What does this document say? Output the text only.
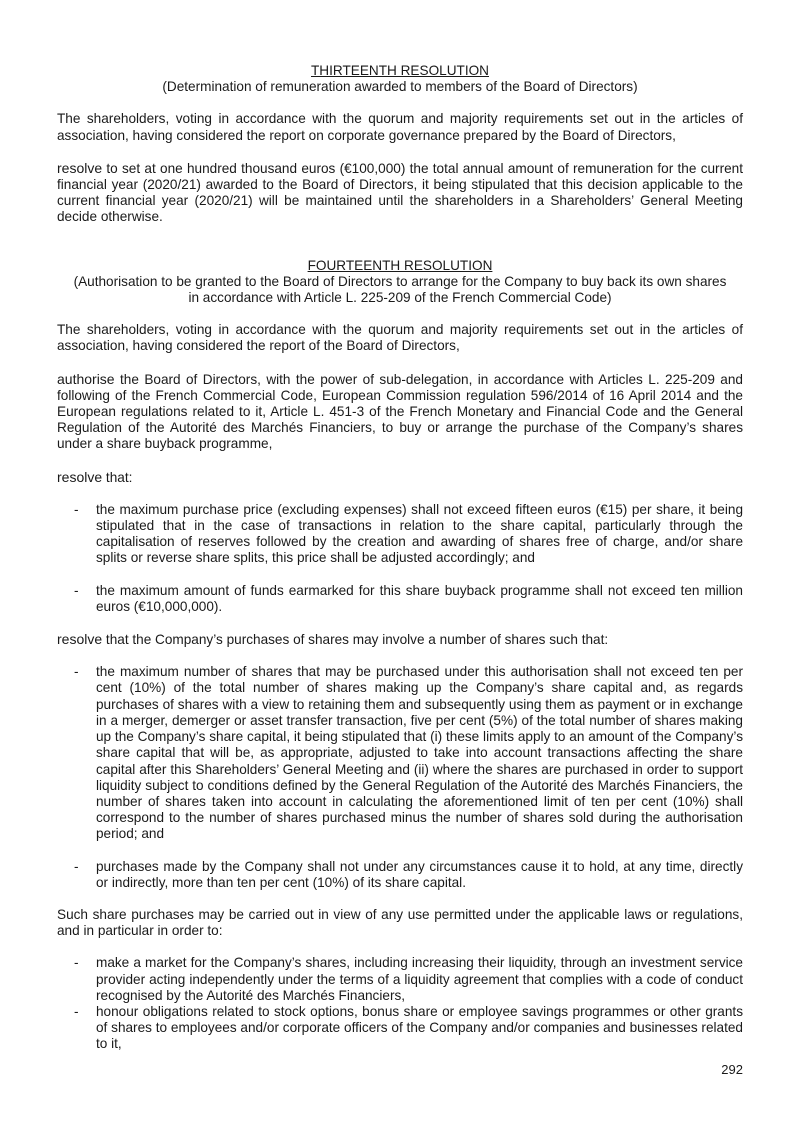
THIRTEENTH RESOLUTION

(Determination of remuneration awarded to members of the Board of Directors)

The shareholders, voting in accordance with the quorum and majority requirements set out in the articles of association, having considered the report on corporate governance prepared by the Board of Directors,

resolve to set at one hundred thousand euros (€100,000) the total annual amount of remuneration for the current financial year (2020/21) awarded to the Board of Directors, it being stipulated that this decision applicable to the current financial year (2020/21) will be maintained until the shareholders in a Shareholders’ General Meeting decide otherwise.

FOURTEENTH RESOLUTION

(Authorisation to be granted to the Board of Directors to arrange for the Company to buy back its own shares

in accordance with Article L. 225-209 of the French Commercial Code)

The shareholders, voting in accordance with the quorum and majority requirements set out in the articles of association, having considered the report of the Board of Directors,

authorise the Board of Directors, with the power of sub-delegation, in accordance with Articles L. 225-209 and following of the French Commercial Code, European Commission regulation 596/2014 of 16 April 2014 and the European regulations related to it, Article L. 451-3 of the French Monetary and Financial Code and the General Regulation of the Autorité des Marchés Financiers, to buy or arrange the purchase of the Company’s shares under a share buyback programme,

resolve that:

- the maximum purchase price (excluding expenses) shall not exceed fifteen euros (€15) per share, it being stipulated that in the case of transactions in relation to the share capital, particularly through the capitalisation of reserves followed by the creation and awarding of shares free of charge, and/or share splits or reverse share splits, this price shall be adjusted accordingly; and
- the maximum amount of funds earmarked for this share buyback programme shall not exceed ten million euros (€10,000,000).

resolve that the Company’s purchases of shares may involve a number of shares such that:

- the maximum number of shares that may be purchased under this authorisation shall not exceed ten per cent (10%) of the total number of shares making up the Company’s share capital and, as regards purchases of shares with a view to retaining them and subsequently using them as payment or in exchange in a merger, demerger or asset transfer transaction, five per cent (5%) of the total number of shares making up the Company’s share capital, it being stipulated that (i) these limits apply to an amount of the Company’s share capital that will be, as appropriate, adjusted to take into account transactions affecting the share capital after this Shareholders’ General Meeting and (ii) where the shares are purchased in order to support liquidity subject to conditions defined by the General Regulation of the Autorité des Marchés Financiers, the number of shares taken into account in calculating the aforementioned limit of ten per cent (10%) shall correspond to the number of shares purchased minus the number of shares sold during the authorisation period; and
- purchases made by the Company shall not under any circumstances cause it to hold, at any time, directly or indirectly, more than ten per cent (10%) of its share capital.

Such share purchases may be carried out in view of any use permitted under the applicable laws or regulations, and in particular in order to:

- make a market for the Company’s shares, including increasing their liquidity, through an investment service provider acting independently under the terms of a liquidity agreement that complies with a code of conduct recognised by the Autorité des Marchés Financiers,
- honour obligations related to stock options, bonus share or employee savings programmes or other grants of shares to employees and/or corporate officers of the Company and/or companies and businesses related to it,
292
